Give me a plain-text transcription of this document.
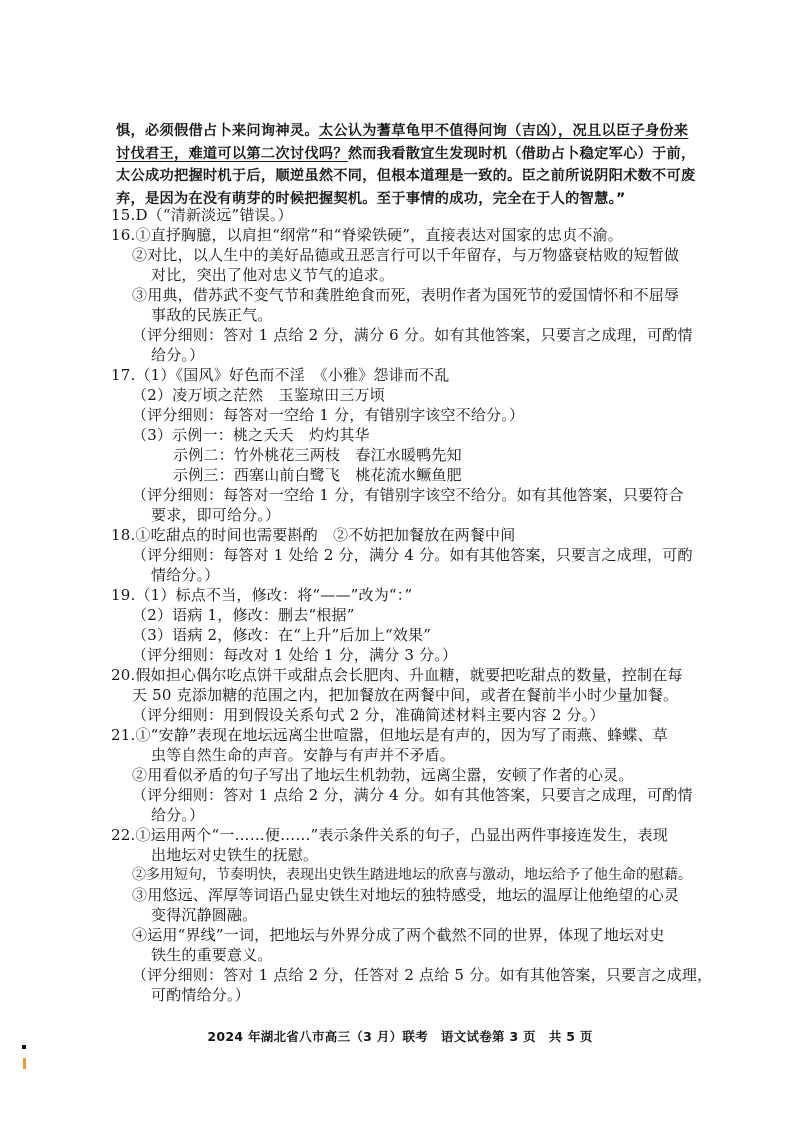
惧，必须假借占卜来问询神灵。太公认为蓍草龟甲不值得问询（吉凶），况且以臣子身份来
讨伐君王，难道可以第二次讨伐吗？然而我看散宜生发现时机（借助占卜稳定军心）于前，
太公成功把握时机于后，顺逆虽然不同，但根本道理是一致的。臣之前所说阴阳术数不可废
弃，是因为在没有萌芽的时候把握契机。至于事情的成功，完全在于人的智慧。”
15.D（“清新淡远”错误。）
16.①直抒胸臆，以肩担“纲常”和“脊梁铁硬”，直接表达对国家的忠贞不渝。
②对比，以人生中的美好品德或丑恶言行可以千年留存，与万物盛衰枯败的短暂做
对比，突出了他对忠义节气的追求。
③用典，借苏武不变气节和龚胜绝食而死，表明作者为国死节的爱国情怀和不屈辱
事敌的民族正气。
（评分细则：答对 1 点给 2 分，满分 6 分。如有其他答案，只要言之成理，可酌情
给分。）
17.（1）《国风》好色而不淫　《小雅》怨诽而不乱
（2）凌万顷之茫然　玉鉴琼田三万顷
（评分细则：每答对一空给 1 分，有错别字该空不给分。）
（3）示例一：桃之夭夭　灼灼其华
示例二：竹外桃花三两枝　春江水暖鸭先知
示例三：西塞山前白鹭飞　桃花流水鳜鱼肥
（评分细则：每答对一空给 1 分，有错别字该空不给分。如有其他答案，只要符合
要求，即可给分。）
18.①吃甜点的时间也需要斟酌　②不妨把加餐放在两餐中间
（评分细则：每答对 1 处给 2 分，满分 4 分。如有其他答案，只要言之成理，可酌
情给分。）
19.（1）标点不当，修改：将“——”改为“：”
（2）语病 1，修改：删去“根据”
（3）语病 2，修改：在“上升”后加上“效果”
（评分细则：每改对 1 处给 1 分，满分 3 分。）
20.假如担心偶尔吃点饼干或甜点会长肥肉、升血糖，就要把吃甜点的数量，控制在每
天 50 克添加糖的范围之内，把加餐放在两餐中间，或者在餐前半小时少量加餐。
（评分细则：用到假设关系句式 2 分，准确简述材料主要内容 2 分。）
21.①“安静”表现在地坛远离尘世喧嚣，但地坛是有声的，因为写了雨燕、蜂蝶、草
虫等自然生命的声音。安静与有声并不矛盾。
②用看似矛盾的句子写出了地坛生机勃勃，远离尘嚣，安顿了作者的心灵。
（评分细则：答对 1 点给 2 分，满分 4 分。如有其他答案，只要言之成理，可酌情
给分。）
22.①运用两个“一……便……”表示条件关系的句子，凸显出两件事接连发生，表现
出地坛对史铁生的抚慰。
②多用短句，节奏明快，表现出史铁生踏进地坛的欣喜与激动，地坛给予了他生命的慰藉。
③用悠远、浑厚等词语凸显史铁生对地坛的独特感受，地坛的温厚让他绝望的心灵
变得沉静圆融。
④运用“界线”一词，把地坛与外界分成了两个截然不同的世界，体现了地坛对史
铁生的重要意义。
（评分细则：答对 1 点给 2 分，任答对 2 点给 5 分。如有其他答案，只要言之成理，
可酌情给分。）
2024 年湖北省八市高三（3 月）联考　语文试卷第 3 页　共 5 页
